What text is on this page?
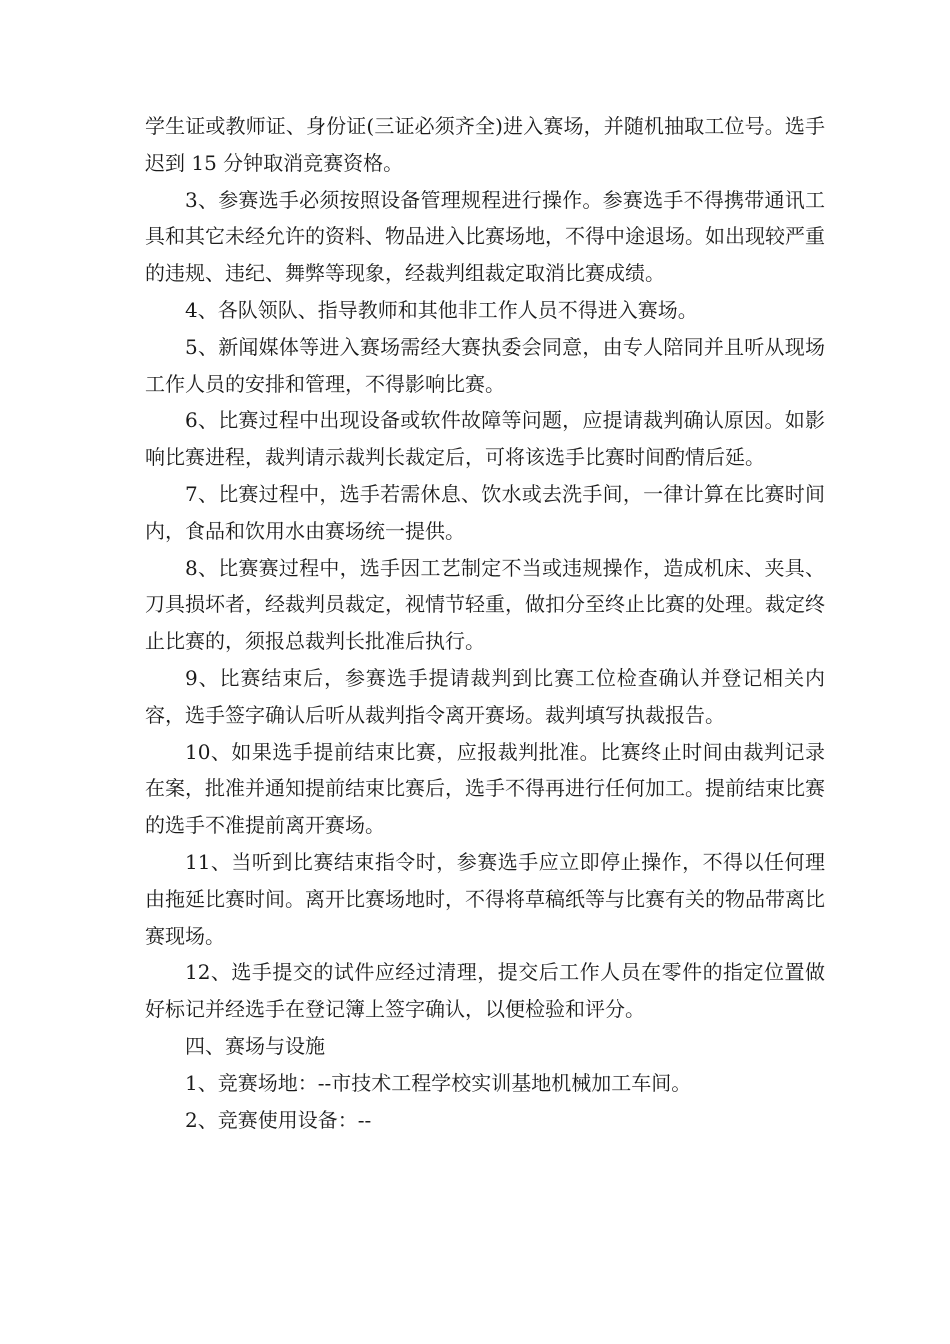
学生证或教师证、身份证(三证必须齐全)进入赛场，并随机抽取工位号。选手迟到 15 分钟取消竞赛资格。

3、参赛选手必须按照设备管理规程进行操作。参赛选手不得携带通讯工具和其它未经允许的资料、物品进入比赛场地，不得中途退场。如出现较严重的违规、违纪、舞弊等现象，经裁判组裁定取消比赛成绩。

4、各队领队、指导教师和其他非工作人员不得进入赛场。

5、新闻媒体等进入赛场需经大赛执委会同意，由专人陪同并且听从现场工作人员的安排和管理，不得影响比赛。

6、比赛过程中出现设备或软件故障等问题，应提请裁判确认原因。如影响比赛进程，裁判请示裁判长裁定后，可将该选手比赛时间酌情后延。

7、比赛过程中，选手若需休息、饮水或去洗手间，一律计算在比赛时间内，食品和饮用水由赛场统一提供。

8、比赛赛过程中，选手因工艺制定不当或违规操作，造成机床、夹具、刀具损坏者，经裁判员裁定，视情节轻重，做扣分至终止比赛的处理。裁定终止比赛的，须报总裁判长批准后执行。

9、比赛结束后，参赛选手提请裁判到比赛工位检查确认并登记相关内容，选手签字确认后听从裁判指令离开赛场。裁判填写执裁报告。

10、如果选手提前结束比赛，应报裁判批准。比赛终止时间由裁判记录在案，批准并通知提前结束比赛后，选手不得再进行任何加工。提前结束比赛的选手不准提前离开赛场。

11、当听到比赛结束指令时，参赛选手应立即停止操作，不得以任何理由拖延比赛时间。离开比赛场地时，不得将草稿纸等与比赛有关的物品带离比赛现场。

12、选手提交的试件应经过清理，提交后工作人员在零件的指定位置做好标记并经选手在登记簿上签字确认，以便检验和评分。

四、赛场与设施

1、竞赛场地：--市技术工程学校实训基地机械加工车间。

2、竞赛使用设备：--
